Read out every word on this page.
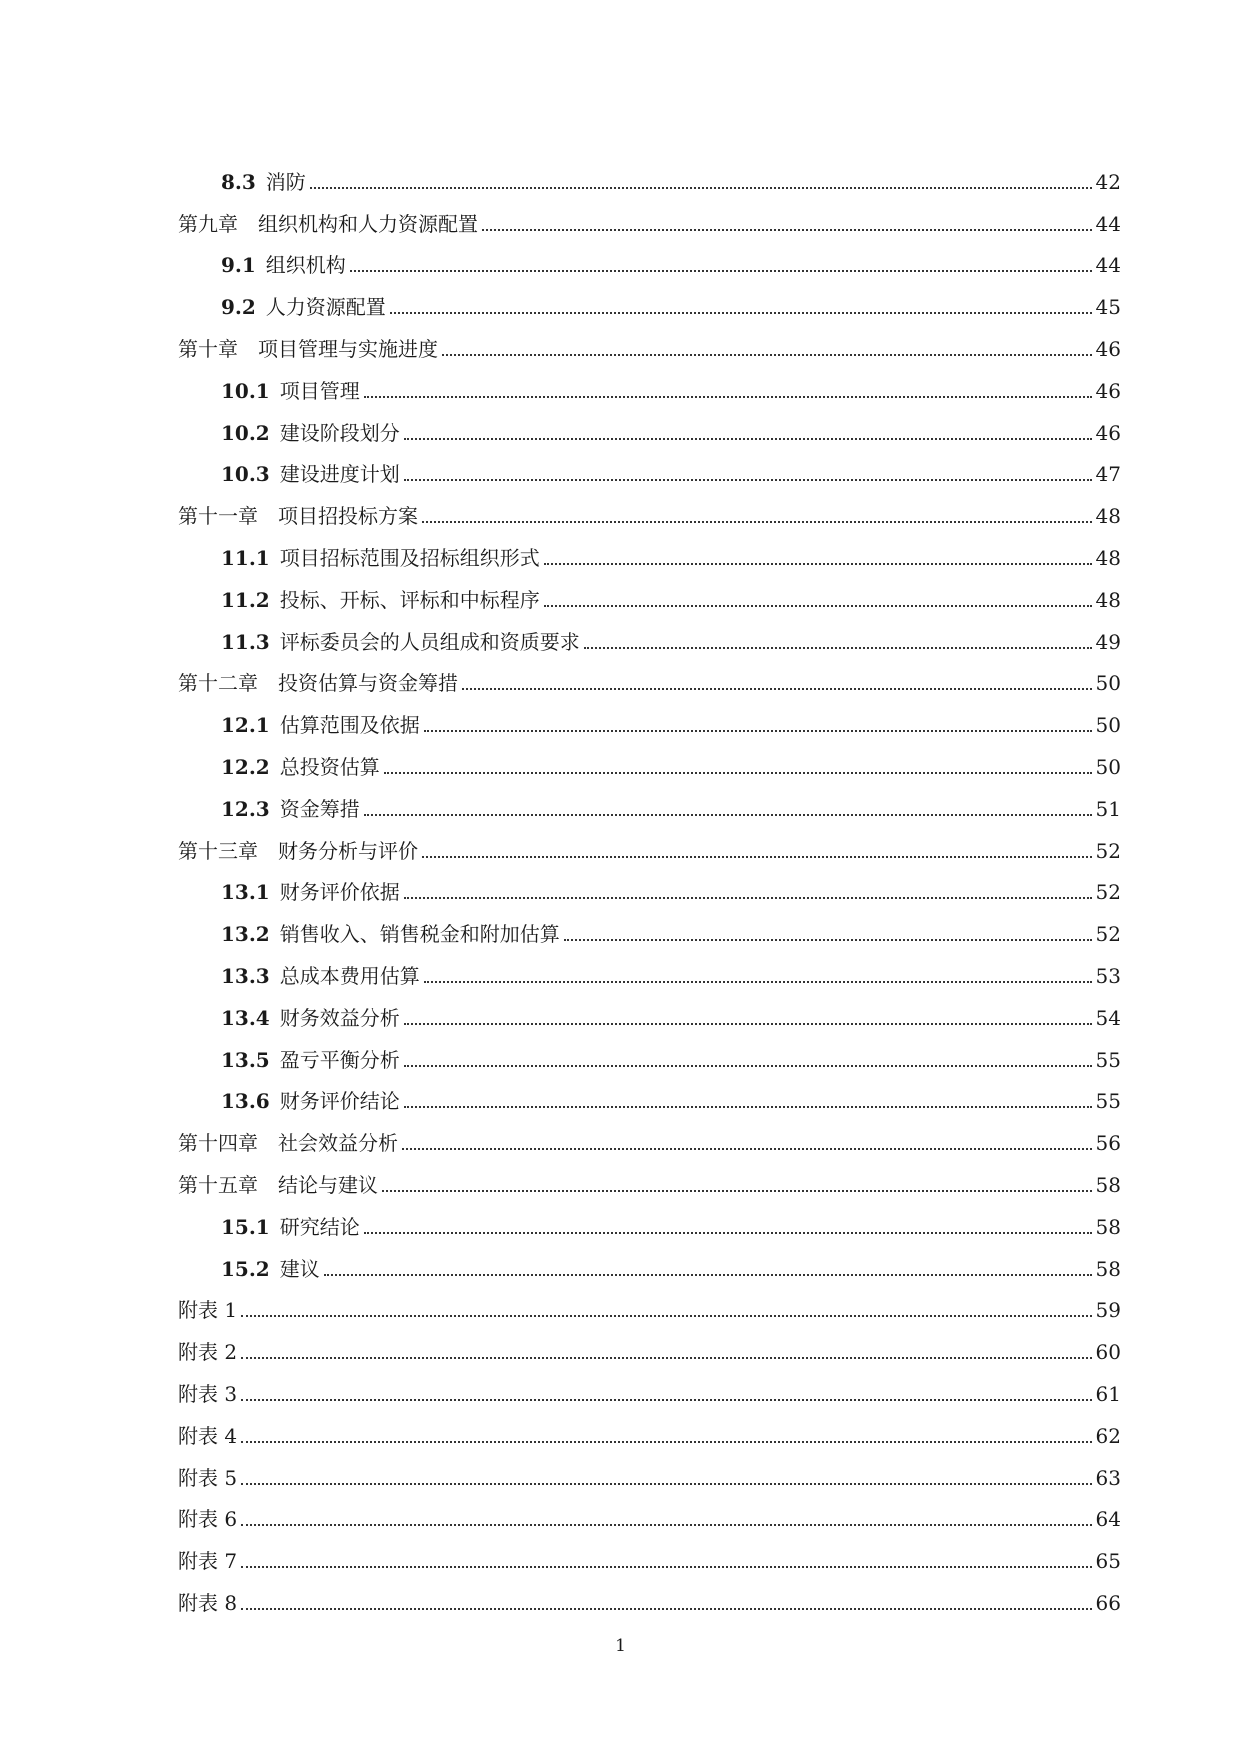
8.3 消防	42
第九章　组织机构和人力资源配置	44
9.1 组织机构	44
9.2 人力资源配置	45
第十章　项目管理与实施进度	46
10.1 项目管理	46
10.2 建设阶段划分	46
10.3 建设进度计划	47
第十一章　项目招投标方案	48
11.1 项目招标范围及招标组织形式	48
11.2 投标、开标、评标和中标程序	48
11.3 评标委员会的人员组成和资质要求	49
第十二章　投资估算与资金筹措	50
12.1 估算范围及依据	50
12.2 总投资估算	50
12.3 资金筹措	51
第十三章　财务分析与评价	52
13.1 财务评价依据	52
13.2 销售收入、销售税金和附加估算	52
13.3 总成本费用估算	53
13.4 财务效益分析	54
13.5 盈亏平衡分析	55
13.6 财务评价结论	55
第十四章　社会效益分析	56
第十五章　结论与建议	58
15.1 研究结论	58
15.2 建议	58
附表 1	59
附表 2	60
附表 3	61
附表 4	62
附表 5	63
附表 6	64
附表 7	65
附表 8	66
1
